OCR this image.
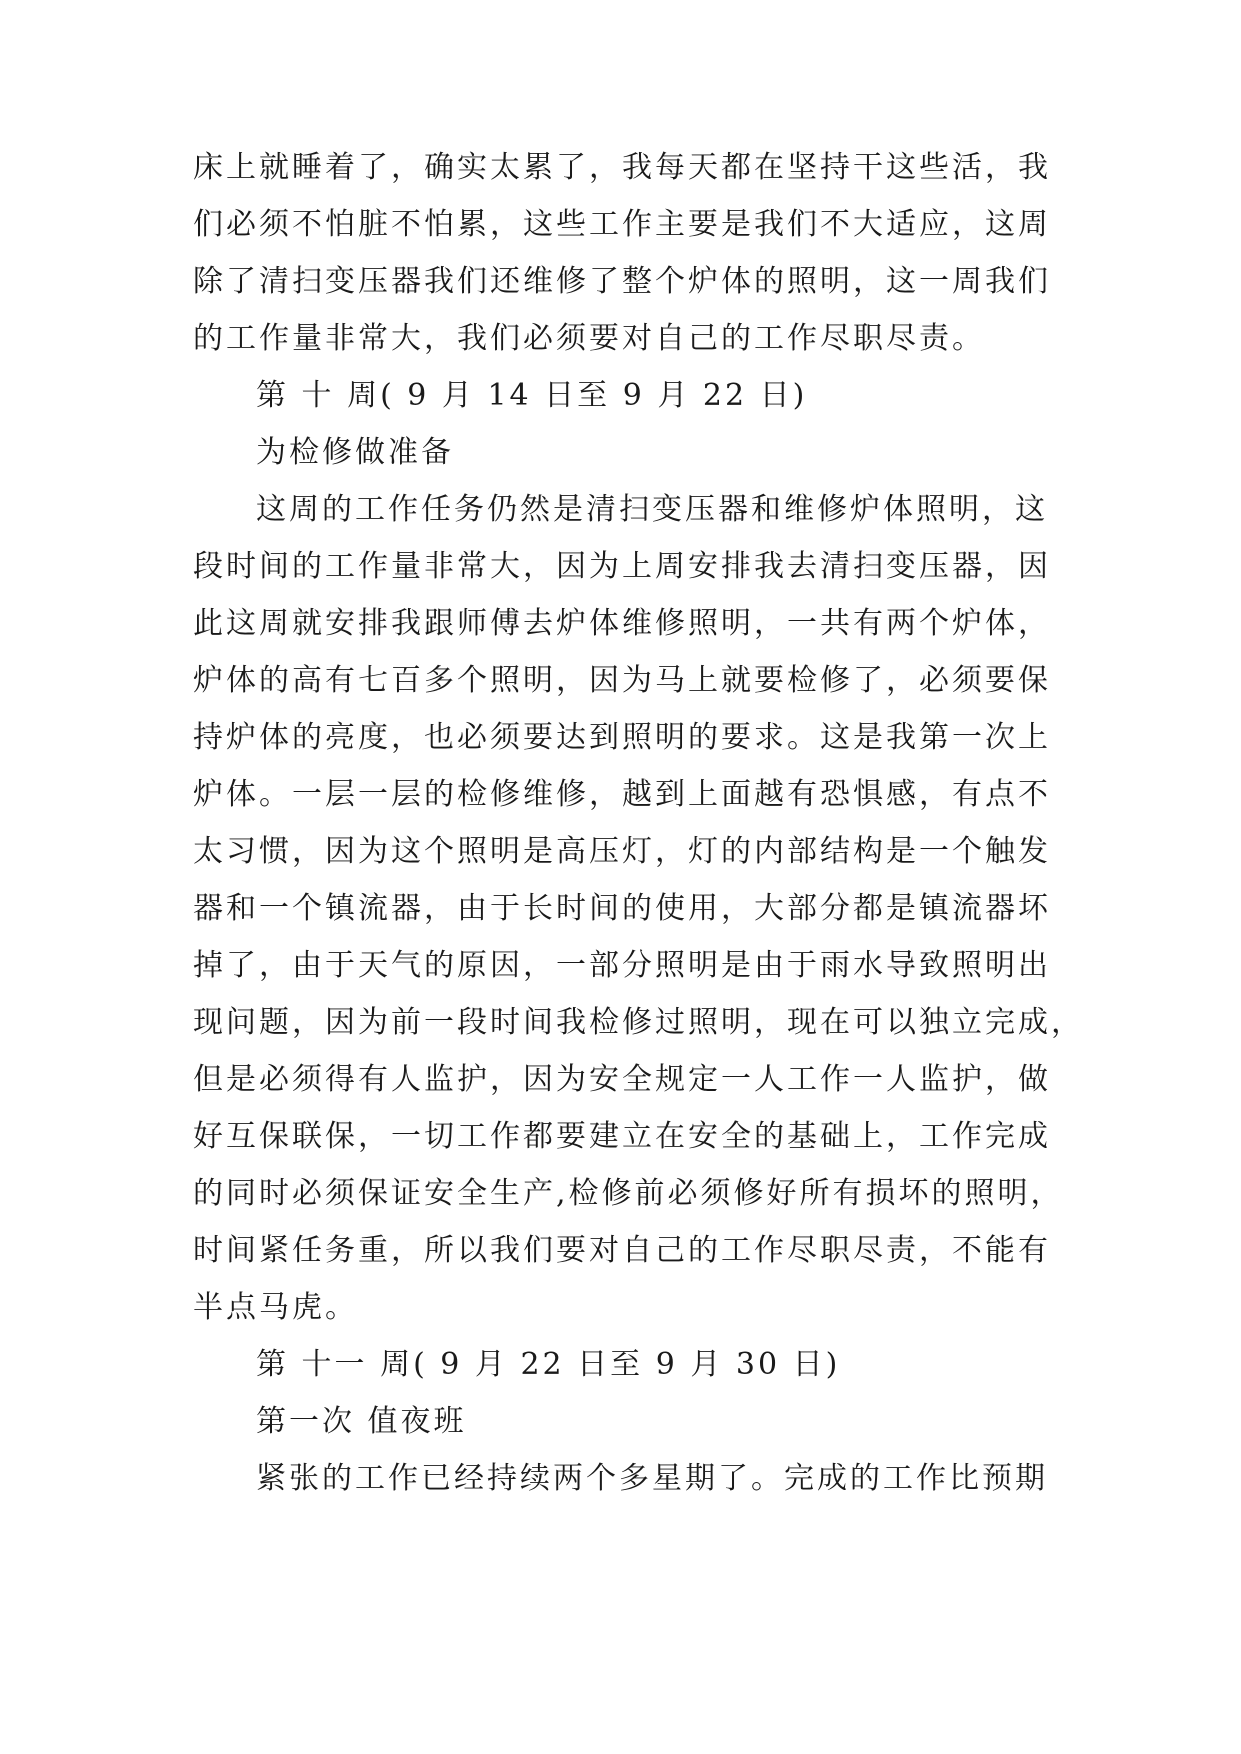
床上就睡着了，确实太累了，我每天都在坚持干这些活，我
们必须不怕脏不怕累，这些工作主要是我们不大适应，这周
除了清扫变压器我们还维修了整个炉体的照明，这一周我们
的工作量非常大，我们必须要对自己的工作尽职尽责。
第 十 周( 9 月 14 日至 9 月 22 日)
为检修做准备
这周的工作任务仍然是清扫变压器和维修炉体照明，这
段时间的工作量非常大，因为上周安排我去清扫变压器，因
此这周就安排我跟师傅去炉体维修照明，一共有两个炉体，
炉体的高有七百多个照明，因为马上就要检修了，必须要保
持炉体的亮度，也必须要达到照明的要求。这是我第一次上
炉体。一层一层的检修维修，越到上面越有恐惧感，有点不
太习惯，因为这个照明是高压灯，灯的内部结构是一个触发
器和一个镇流器，由于长时间的使用，大部分都是镇流器坏
掉了，由于天气的原因，一部分照明是由于雨水导致照明出
现问题，因为前一段时间我检修过照明，现在可以独立完成，
但是必须得有人监护，因为安全规定一人工作一人监护，做
好互保联保，一切工作都要建立在安全的基础上，工作完成
的同时必须保证安全生产,检修前必须修好所有损坏的照明，
时间紧任务重，所以我们要对自己的工作尽职尽责，不能有
半点马虎。
第 十一 周( 9 月 22 日至 9 月 30 日)
第一次 值夜班
紧张的工作已经持续两个多星期了。完成的工作比预期
